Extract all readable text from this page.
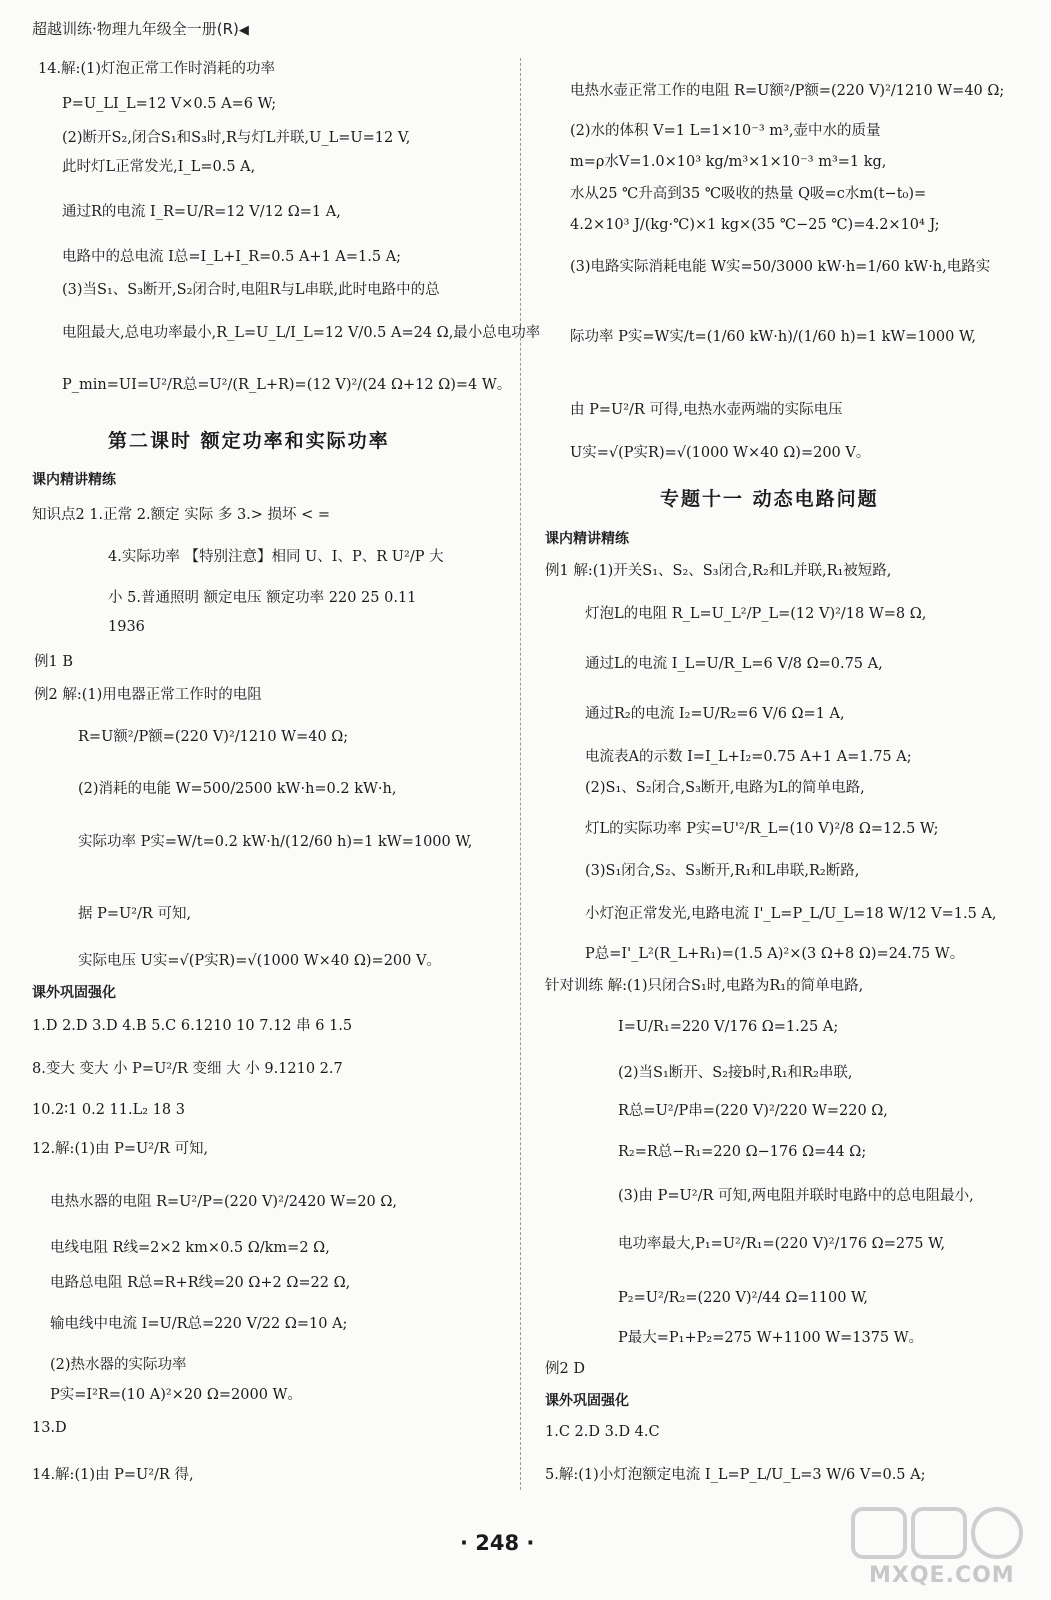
超越训练·物理九年级全一册(R)◀
14.解:(1)灯泡正常工作时消耗的功率
P=U_LI_L=12 V×0.5 A=6 W;
(2)断开S₂,闭合S₁和S₃时,R与灯L并联,U_L=U=12 V,
此时灯L正常发光,I_L=0.5 A,
通过R的电流 I_R=U/R=12 V/12 Ω=1 A,
电路中的总电流 I总=I_L+I_R=0.5 A+1 A=1.5 A;
(3)当S₁、S₃断开,S₂闭合时,电阻R与L串联,此时电路中的总
电阻最大,总电功率最小,R_L=U_L/I_L=12 V/0.5 A=24 Ω,最小总电功率
P_min=UI=U²/R总=U²/(R_L+R)=(12 V)²/(24 Ω+12 Ω)=4 W。
第二课时 额定功率和实际功率
课内精讲精练
知识点2 1.正常 2.额定 实际 多 3.> 损坏 < =
4.实际功率 【特别注意】相同 U、I、P、R U²/P 大
小 5.普通照明 额定电压 额定功率 220 25 0.11
1936
例1 B
例2 解:(1)用电器正常工作时的电阻
R=U额²/P额=(220 V)²/1210 W=40 Ω;
(2)消耗的电能 W=500/2500 kW·h=0.2 kW·h,
实际功率 P实=W/t=0.2 kW·h/(12/60 h)=1 kW=1000 W,
据 P=U²/R 可知,
实际电压 U实=√(P实R)=√(1000 W×40 Ω)=200 V。
课外巩固强化
1.D 2.D 3.D 4.B 5.C 6.1210 10 7.12 串 6 1.5
8.变大 变大 小 P=U²/R 变细 大 小 9.1210 2.7
10.2∶1 0.2 11.L₂ 18 3
12.解:(1)由 P=U²/R 可知,
电热水器的电阻 R=U²/P=(220 V)²/2420 W=20 Ω,
电线电阻 R线=2×2 km×0.5 Ω/km=2 Ω,
电路总电阻 R总=R+R线=20 Ω+2 Ω=22 Ω,
输电线中电流 I=U/R总=220 V/22 Ω=10 A;
(2)热水器的实际功率
P实=I²R=(10 A)²×20 Ω=2000 W。
13.D
14.解:(1)由 P=U²/R 得,
电热水壶正常工作的电阻 R=U额²/P额=(220 V)²/1210 W=40 Ω;
(2)水的体积 V=1 L=1×10⁻³ m³,壶中水的质量
m=ρ水V=1.0×10³ kg/m³×1×10⁻³ m³=1 kg,
水从25 ℃升高到35 ℃吸收的热量 Q吸=c水m(t−t₀)=
4.2×10³ J/(kg·℃)×1 kg×(35 ℃−25 ℃)=4.2×10⁴ J;
(3)电路实际消耗电能 W实=50/3000 kW·h=1/60 kW·h,电路实
际功率 P实=W实/t=(1/60 kW·h)/(1/60 h)=1 kW=1000 W,
由 P=U²/R 可得,电热水壶两端的实际电压
U实=√(P实R)=√(1000 W×40 Ω)=200 V。
专题十一 动态电路问题
课内精讲精练
例1 解:(1)开关S₁、S₂、S₃闭合,R₂和L并联,R₁被短路,
灯泡L的电阻 R_L=U_L²/P_L=(12 V)²/18 W=8 Ω,
通过L的电流 I_L=U/R_L=6 V/8 Ω=0.75 A,
通过R₂的电流 I₂=U/R₂=6 V/6 Ω=1 A,
电流表A的示数 I=I_L+I₂=0.75 A+1 A=1.75 A;
(2)S₁、S₂闭合,S₃断开,电路为L的简单电路,
灯L的实际功率 P实=U'²/R_L=(10 V)²/8 Ω=12.5 W;
(3)S₁闭合,S₂、S₃断开,R₁和L串联,R₂断路,
小灯泡正常发光,电路电流 I'_L=P_L/U_L=18 W/12 V=1.5 A,
P总=I'_L²(R_L+R₁)=(1.5 A)²×(3 Ω+8 Ω)=24.75 W。
针对训练 解:(1)只闭合S₁时,电路为R₁的简单电路,
I=U/R₁=220 V/176 Ω=1.25 A;
(2)当S₁断开、S₂接b时,R₁和R₂串联,
R总=U²/P串=(220 V)²/220 W=220 Ω,
R₂=R总−R₁=220 Ω−176 Ω=44 Ω;
(3)由 P=U²/R 可知,两电阻并联时电路中的总电阻最小,
电功率最大,P₁=U²/R₁=(220 V)²/176 Ω=275 W,
P₂=U²/R₂=(220 V)²/44 Ω=1100 W,
P最大=P₁+P₂=275 W+1100 W=1375 W。
例2 D
课外巩固强化
1.C 2.D 3.D 4.C
5.解:(1)小灯泡额定电流 I_L=P_L/U_L=3 W/6 V=0.5 A;
· 248 ·
MXQE.COM
